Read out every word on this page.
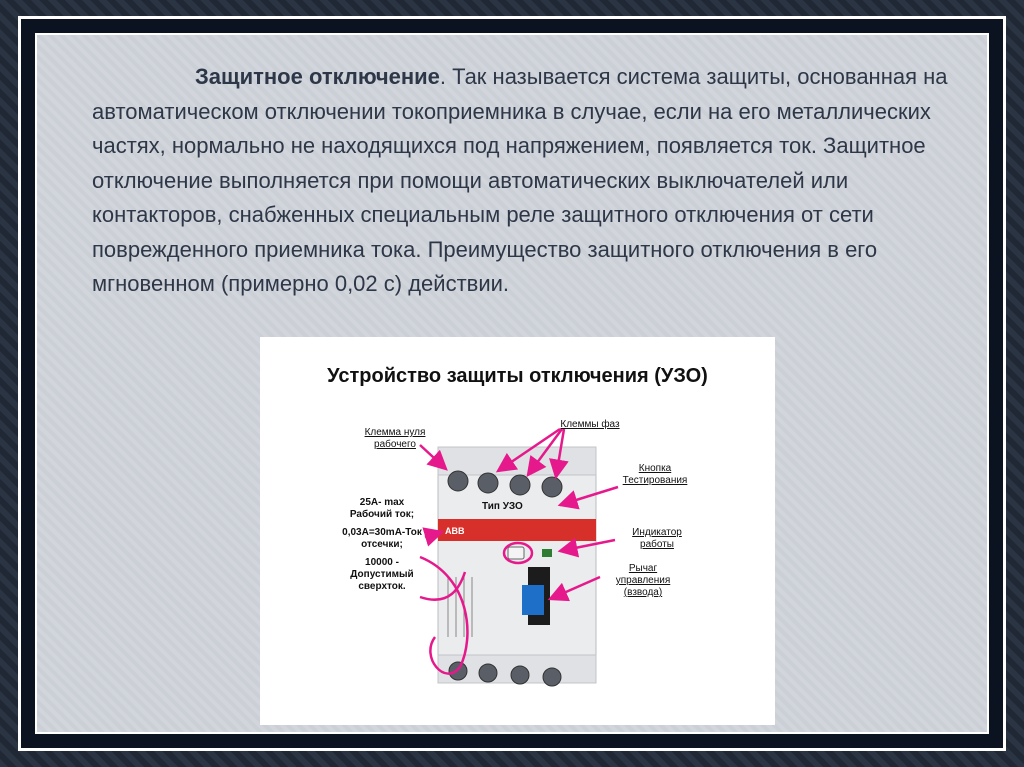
Защитное отключение. Так называется система защиты, основанная на автоматическом отключении токоприемника в случае, если на его металлических частях, нормально не находящихся под напряжением, появляется ток. Защитное отключение выполняется при помощи автоматических выключателей или контакторов, снабженных специальным реле защитного отключения от сети поврежденного приемника тока. Преимущество защитного отключения в его мгновенном (примерно 0,02 с) действии.

Устройство защиты отключения (УЗО)
ABB
Тип УЗО
Клемма нуля
рабочего
Клеммы фаз
Кнопка
Тестирования
Индикатор
работы
Рычаг
управления
(взвода)
25А- max
Рабочий ток;
0,03А=30mA-Ток
отсечки;
10000 -
Допустимый
сверхток.
